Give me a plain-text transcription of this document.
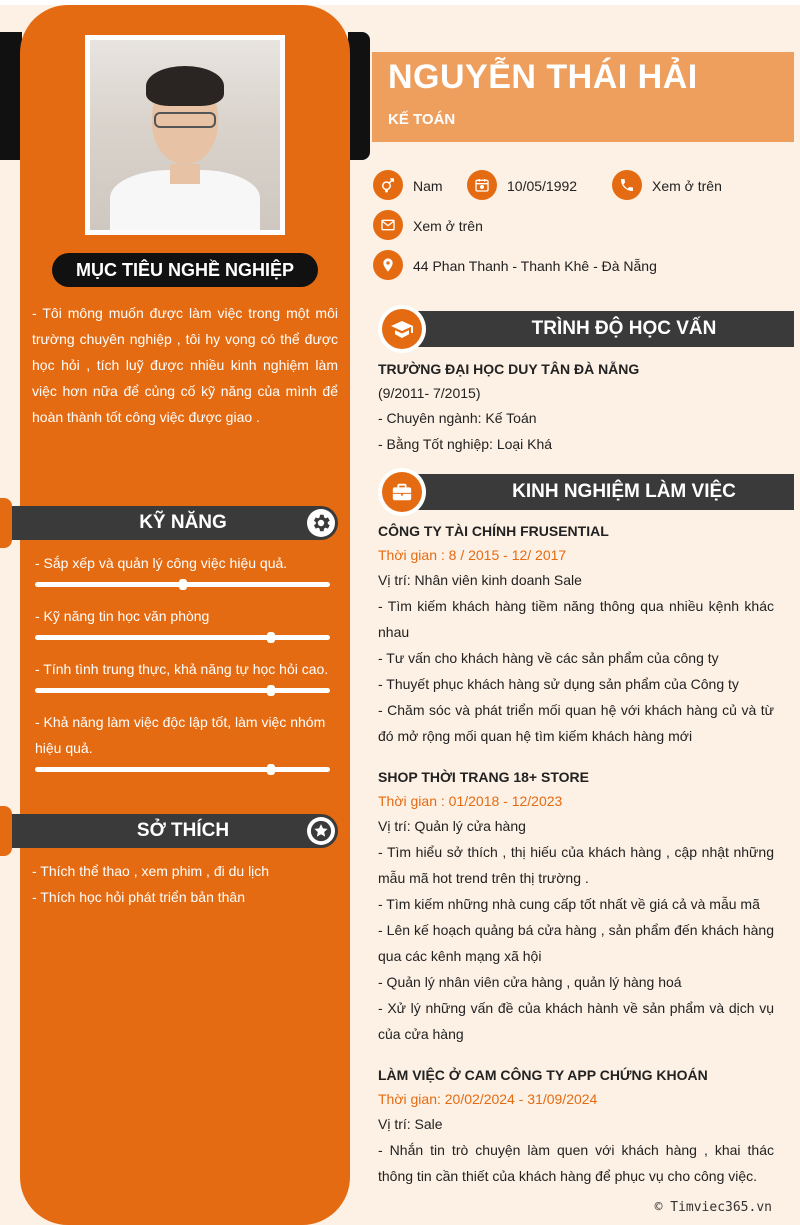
MỤC TIÊU NGHỀ NGHIỆP
- Tôi mông muốn được làm việc trong một môi trường chuyên nghiệp , tôi hy vọng có thể được học hỏi , tích luỹ được nhiều kinh nghiệm làm việc hơn nữa để củng cố kỹ năng của mình để hoàn thành tốt công việc được giao .
KỸ NĂNG
- Sắp xếp và quản lý công việc hiệu quả.
- Kỹ năng tin học văn phòng
- Tính tình trung thực, khả năng tự học hỏi cao.
- Khả năng làm việc độc lập tốt, làm việc nhóm hiệu quả.
SỞ THÍCH
- Thích thể thao , xem phim , đi du lịch
- Thích học hỏi phát triển bản thân
NGUYỄN THÁI HẢI
KẾ TOÁN
Nam	10/05/1992	Xem ở trên
Xem ở trên
44 Phan Thanh - Thanh Khê - Đà Nẵng
TRÌNH ĐỘ HỌC VẤN
TRƯỜNG ĐẠI HỌC DUY TÂN ĐÀ NẴNG
(9/2011- 7/2015)
- Chuyên ngành: Kế Toán
- Bằng Tốt nghiệp: Loại Khá
KINH NGHIỆM LÀM VIỆC
CÔNG TY TÀI CHÍNH FRUSENTIAL
Thời gian : 8 / 2015 - 12/ 2017
Vị trí: Nhân viên kinh doanh Sale
- Tìm kiếm khách hàng tiềm năng thông qua nhiều kệnh khác nhau
- Tư vấn cho khách hàng về các sản phẩm của công ty
- Thuyết phục khách hàng sử dụng sản phẩm của Công ty
- Chăm sóc và phát triển mối quan hệ với khách hàng củ và từ đó mở rộng mối quan hệ tìm kiếm khách hàng mới
SHOP THỜI TRANG 18+ STORE
Thời gian : 01/2018 - 12/2023
Vị trí: Quản lý cửa hàng
- Tìm hiểu sở thích , thị hiếu của khách hàng , cập nhật những mẫu mã hot trend trên thị trường .
- Tìm kiếm những nhà cung cấp tốt nhất về giá cả và mẫu mã
- Lên kế hoạch quảng bá cửa hàng , sản phẩm đến khách hàng qua các kênh mạng xã hội
- Quản lý nhân viên cửa hàng , quản lý hàng hoá
- Xử lý những vấn đề của khách hành về sản phẩm và dịch vụ của cửa hàng
LÀM VIỆC Ở CAM CÔNG TY APP CHỨNG KHOÁN
Thời gian: 20/02/2024 - 31/09/2024
Vị trí: Sale
- Nhắn tin trò chuyện làm quen với khách hàng , khai thác thông tin cần thiết của khách hàng để phục vụ cho công việc.
© Timviec365.vn
